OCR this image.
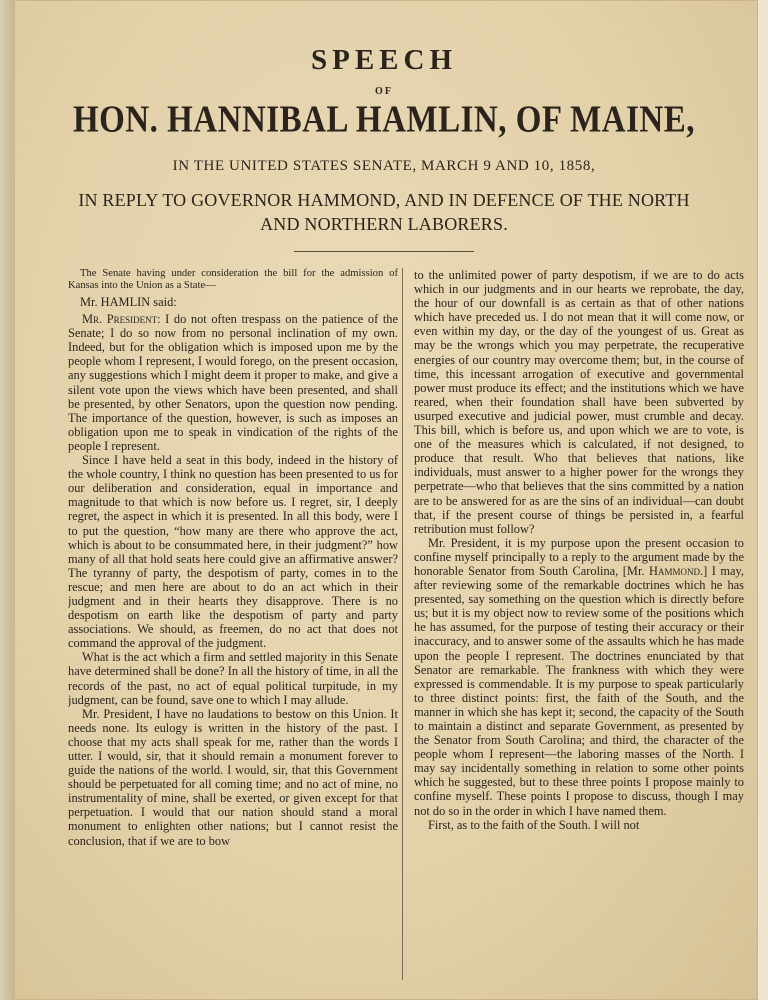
SPEECH
OF
HON. HANNIBAL HAMLIN, OF MAINE,
IN THE UNITED STATES SENATE, MARCH 9 AND 10, 1858,
IN REPLY TO GOVERNOR HAMMOND, AND IN DEFENCE OF THE NORTH
AND NORTHERN LABORERS.

The Senate having under consideration the bill for the admission of Kansas into the Union as a State—

Mr. HAMLIN said:

Mr. President: I do not often trespass on the patience of the Senate; I do so now from no personal inclination of my own. Indeed, but for the obligation which is imposed upon me by the people whom I represent, I would forego, on the present occasion, any suggestions which I might deem it proper to make, and give a silent vote upon the views which have been presented, and shall be presented, by other Senators, upon the question now pending. The importance of the question, however, is such as imposes an obligation upon me to speak in vindication of the rights of the people I represent.

Since I have held a seat in this body, indeed in the history of the whole country, I think no question has been presented to us for our deliberation and consideration, equal in importance and magnitude to that which is now before us. I regret, sir, I deeply regret, the aspect in which it is presented. In all this body, were I to put the question, “how many are there who approve the act, which is about to be consummated here, in their judgment?” how many of all that hold seats here could give an affirmative answer? The tyranny of party, the despotism of party, comes in to the rescue; and men here are about to do an act which in their judgment and in their hearts they disapprove. There is no despotism on earth like the despotism of party and party associations. We should, as freemen, do no act that does not command the approval of the judgment.

What is the act which a firm and settled majority in this Senate have determined shall be done? In all the history of time, in all the records of the past, no act of equal political turpitude, in my judgment, can be found, save one to which I may allude.

Mr. President, I have no laudations to bestow on this Union. It needs none. Its eulogy is written in the history of the past. I choose that my acts shall speak for me, rather than the words I utter. I would, sir, that it should remain a monument forever to guide the nations of the world. I would, sir, that this Government should be perpetuated for all coming time; and no act of mine, no instrumentality of mine, shall be exerted, or given except for that perpetuation. I would that our nation should stand a moral monument to enlighten other nations; but I cannot resist the conclusion, that if we are to bow

to the unlimited power of party despotism, if we are to do acts which in our judgments and in our hearts we reprobate, the day, the hour of our downfall is as certain as that of other nations which have preceded us. I do not mean that it will come now, or even within my day, or the day of the youngest of us. Great as may be the wrongs which you may perpetrate, the recuperative energies of our country may overcome them; but, in the course of time, this incessant arrogation of executive and governmental power must produce its effect; and the institutions which we have reared, when their foundation shall have been subverted by usurped executive and judicial power, must crumble and decay. This bill, which is before us, and upon which we are to vote, is one of the measures which is calculated, if not designed, to produce that result. Who that believes that nations, like individuals, must answer to a higher power for the wrongs they perpetrate—who that believes that the sins committed by a nation are to be answered for as are the sins of an individual—can doubt that, if the present course of things be persisted in, a fearful retribution must follow?

Mr. President, it is my purpose upon the present occasion to confine myself principally to a reply to the argument made by the honorable Senator from South Carolina, [Mr. Hammond.] I may, after reviewing some of the remarkable doctrines which he has presented, say something on the question which is directly before us; but it is my object now to review some of the positions which he has assumed, for the purpose of testing their accuracy or their inaccuracy, and to answer some of the assaults which he has made upon the people I represent. The doctrines enunciated by that Senator are remarkable. The frankness with which they were expressed is commendable. It is my purpose to speak particularly to three distinct points: first, the faith of the South, and the manner in which she has kept it; second, the capacity of the South to maintain a distinct and separate Government, as presented by the Senator from South Carolina; and third, the character of the people whom I represent—the laboring masses of the North. I may say incidentally something in relation to some other points which he suggested, but to these three points I propose mainly to confine myself. These points I propose to discuss, though I may not do so in the order in which I have named them.

First, as to the faith of the South. I will not
